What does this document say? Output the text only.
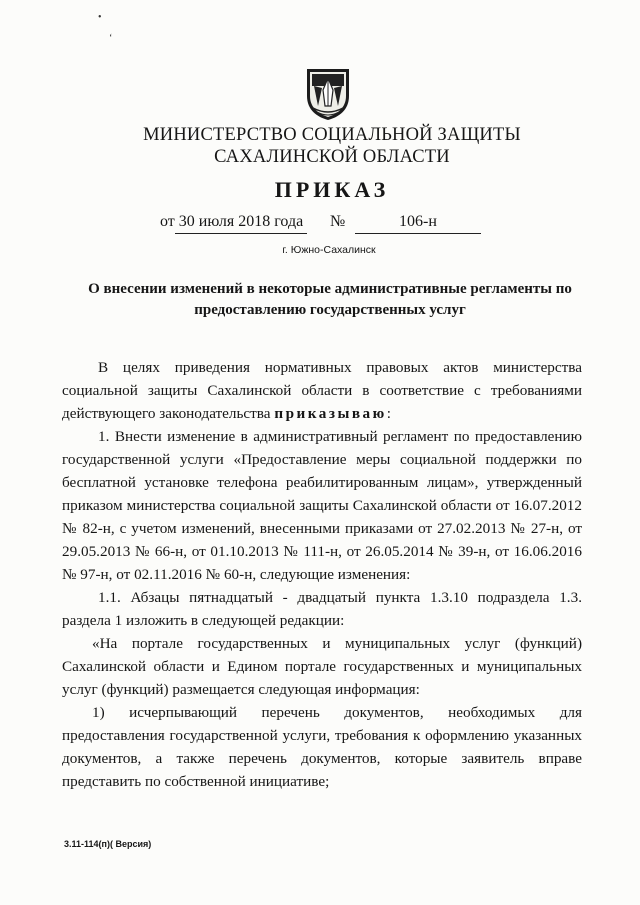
•
ʻ
МИНИСТЕРСТВО СОЦИАЛЬНОЙ ЗАЩИТЫ
САХАЛИНСКОЙ ОБЛАСТИ
ПРИКАЗ
от 30 июля 2018 года №	106-н
г. Южно-Сахалинск
О внесении изменений в некоторые административные регламенты по
предоставлению государственных услуг

В целях приведения нормативных правовых актов министерства социальной защиты Сахалинской области в соответствие с требованиями действующего законодательства приказываю:

1. Внести изменение в административный регламент по предоставлению государственной услуги «Предоставление меры социальной поддержки по бесплатной установке телефона реабилитированным лицам», утвержденный приказом министерства социальной защиты Сахалинской области от 16.07.2012 № 82-н, с учетом изменений, внесенными приказами от 27.02.2013 № 27-н, от 29.05.2013 № 66-н, от 01.10.2013 № 111-н, от 26.05.2014 № 39-н, от 16.06.2016 № 97-н, от 02.11.2016 № 60-н, следующие изменения:

1.1. Абзацы пятнадцатый - двадцатый пункта 1.3.10 подраздела 1.3. раздела 1 изложить в следующей редакции:

«На портале государственных и муниципальных услуг (функций) Сахалинской области и Едином портале государственных и муниципальных услуг (функций) размещается следующая информация:

1) исчерпывающий перечень документов, необходимых для предоставления государственной услуги, требования к оформлению указанных документов, а также перечень документов, которые заявитель вправе представить по собственной инициативе;

3.11-114(п)( Версия)
